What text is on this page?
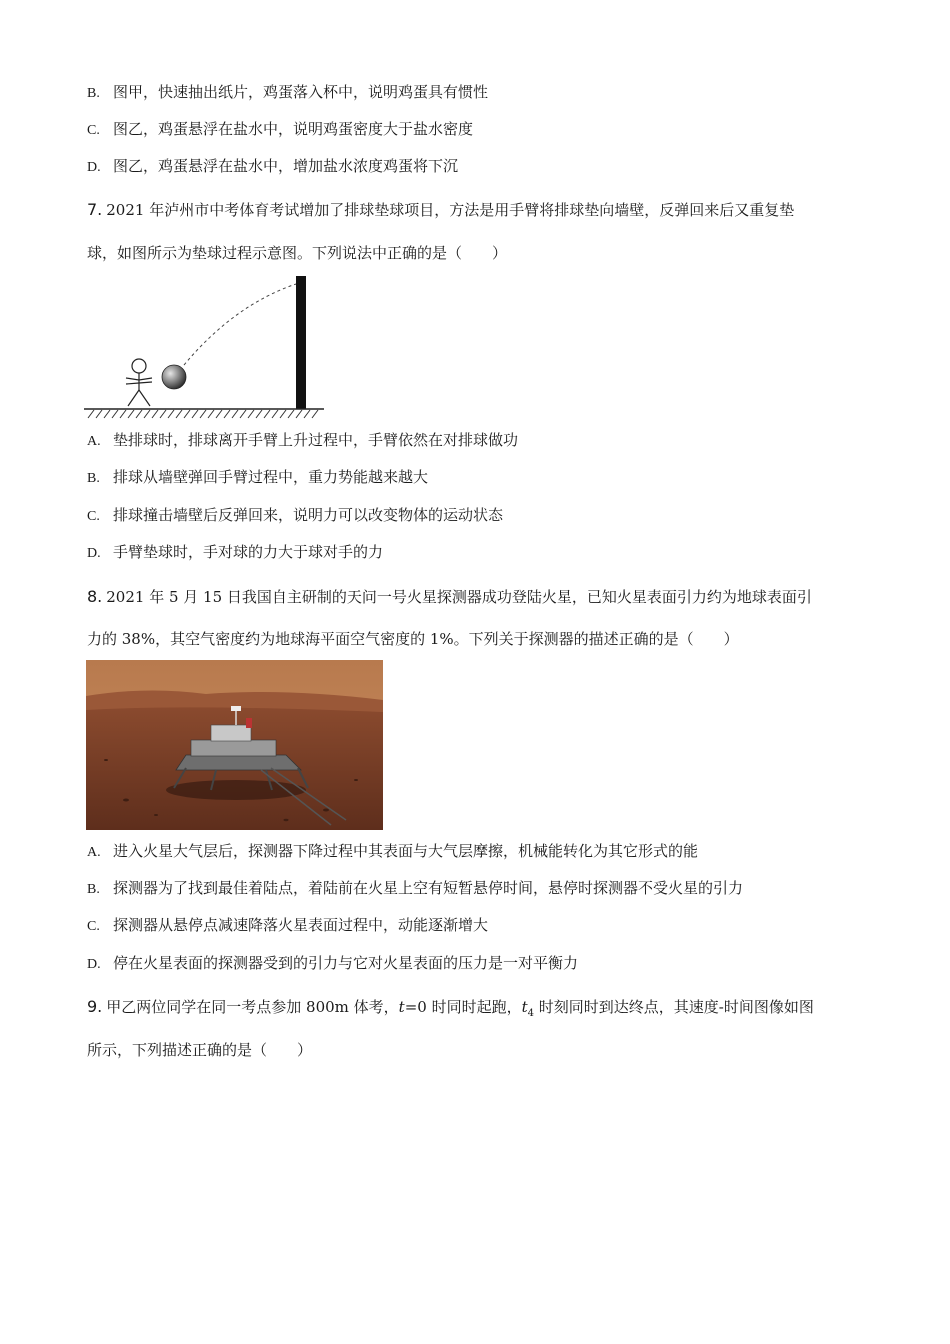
B. 图甲，快速抽出纸片，鸡蛋落入杯中，说明鸡蛋具有惯性
C. 图乙，鸡蛋悬浮在盐水中，说明鸡蛋密度大于盐水密度
D. 图乙，鸡蛋悬浮在盐水中，增加盐水浓度鸡蛋将下沉
7. 2021 年泸州市中考体育考试增加了排球垫球项目，方法是用手臂将排球垫向墙壁，反弹回来后又重复垫
球，如图所示为垫球过程示意图。下列说法中正确的是（　　）
A. 垫排球时，排球离开手臂上升过程中，手臂依然在对排球做功
B. 排球从墙壁弹回手臂过程中，重力势能越来越大
C. 排球撞击墙壁后反弹回来，说明力可以改变物体的运动状态
D. 手臂垫球时，手对球的力大于球对手的力
8. 2021 年 5 月 15 日我国自主研制的天问一号火星探测器成功登陆火星，已知火星表面引力约为地球表面引
力的 38%，其空气密度约为地球海平面空气密度的 1%。下列关于探测器的描述正确的是（　　）
A. 进入火星大气层后，探测器下降过程中其表面与大气层摩擦，机械能转化为其它形式的能
B. 探测器为了找到最佳着陆点，着陆前在火星上空有短暂悬停时间，悬停时探测器不受火星的引力
C. 探测器从悬停点减速降落火星表面过程中，动能逐渐增大
D. 停在火星表面的探测器受到的引力与它对火星表面的压力是一对平衡力
9. 甲乙两位同学在同一考点参加 800m 体考，t=0 时同时起跑，$t_4$ 时刻同时到达终点，其速度-时间图像如图
所示，下列描述正确的是（　　）
